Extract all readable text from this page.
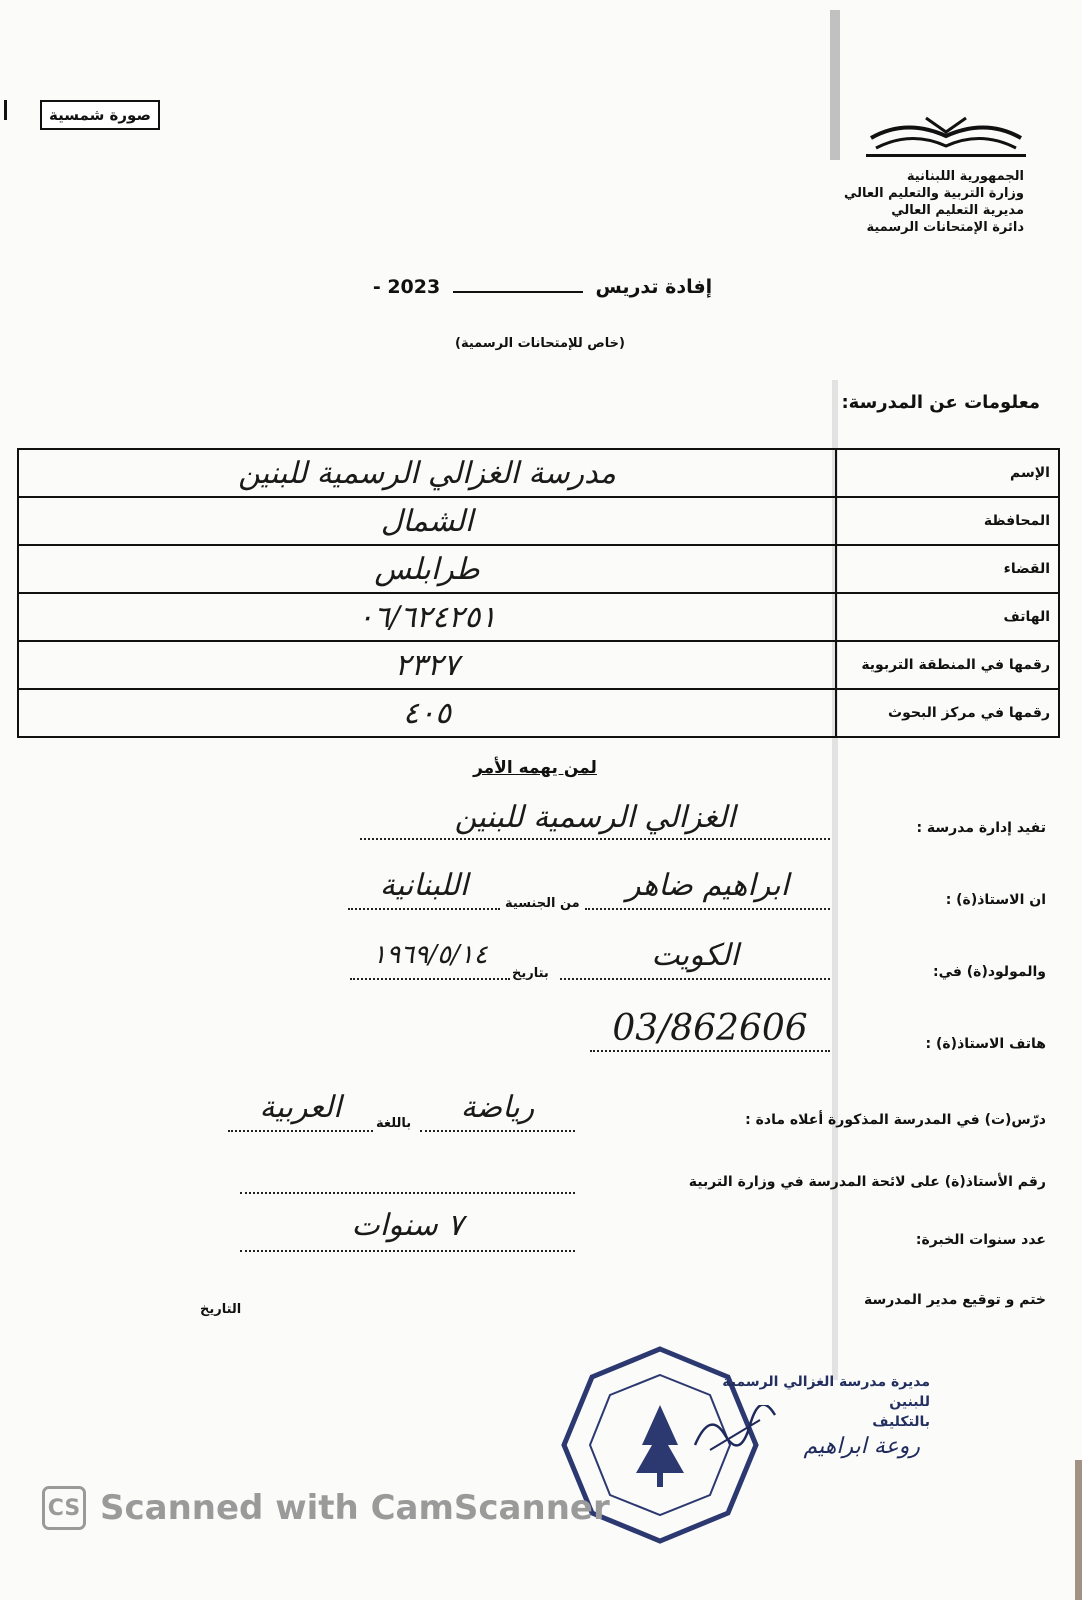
صورة شمسية
الجمهورية اللبنانية
وزارة التربية والتعليم العالي
مديرية التعليم العالي
دائرة الإمتحانات الرسمية
إفادة تدريس  2023 -
(خاص للإمتحانات الرسمية)
معلومات عن المدرسة:
مدرسة الغزالي الرسمية للبنين	الإسم
الشمال	المحافظة
طرابلس	القضاء
٠٦/٦٢٤٢٥١	الهاتف
٢٣٢٧	رقمها في المنطقة التربوية
٤٠٥	رقمها في مركز البحوث
لمن يهمه الأمر
تفيد إدارة مدرسة :
الغزالي الرسمية للبنين
ان الاستاذ(ة) :
ابراهيم ضاهر
من الجنسية
اللبنانية
والمولود(ة) في:
الكويت
بتاريخ
١٩٦٩/٥/١٤
هاتف الاستاذ(ة) :
03/862606
درّس(ت) في المدرسة المذكورة أعلاه مادة :
رياضة
باللغة
العربية
رقم الأستاذ(ة) على لائحة المدرسة في وزارة التربية
عدد سنوات الخبرة:
٧ سنوات
ختم و توقيع مدير المدرسة
التاريخ
مديرة مدرسة الغزالي الرسمية للبنين
بالتكليف
روعة ابراهيم
CS Scanned with CamScanner
